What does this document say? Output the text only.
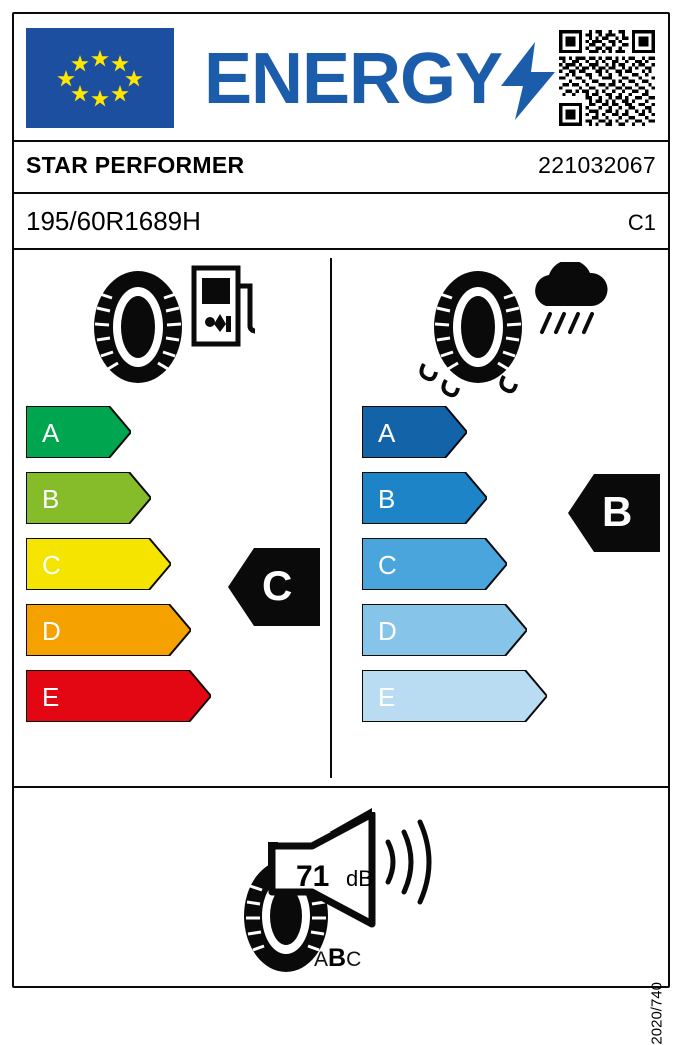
ENERGY
STAR PERFORMER	221032067
195/60R1689H	C1
A
B
C
D
E
C
A
B
C
D
E
B
71 dB
ABC
2020/740
